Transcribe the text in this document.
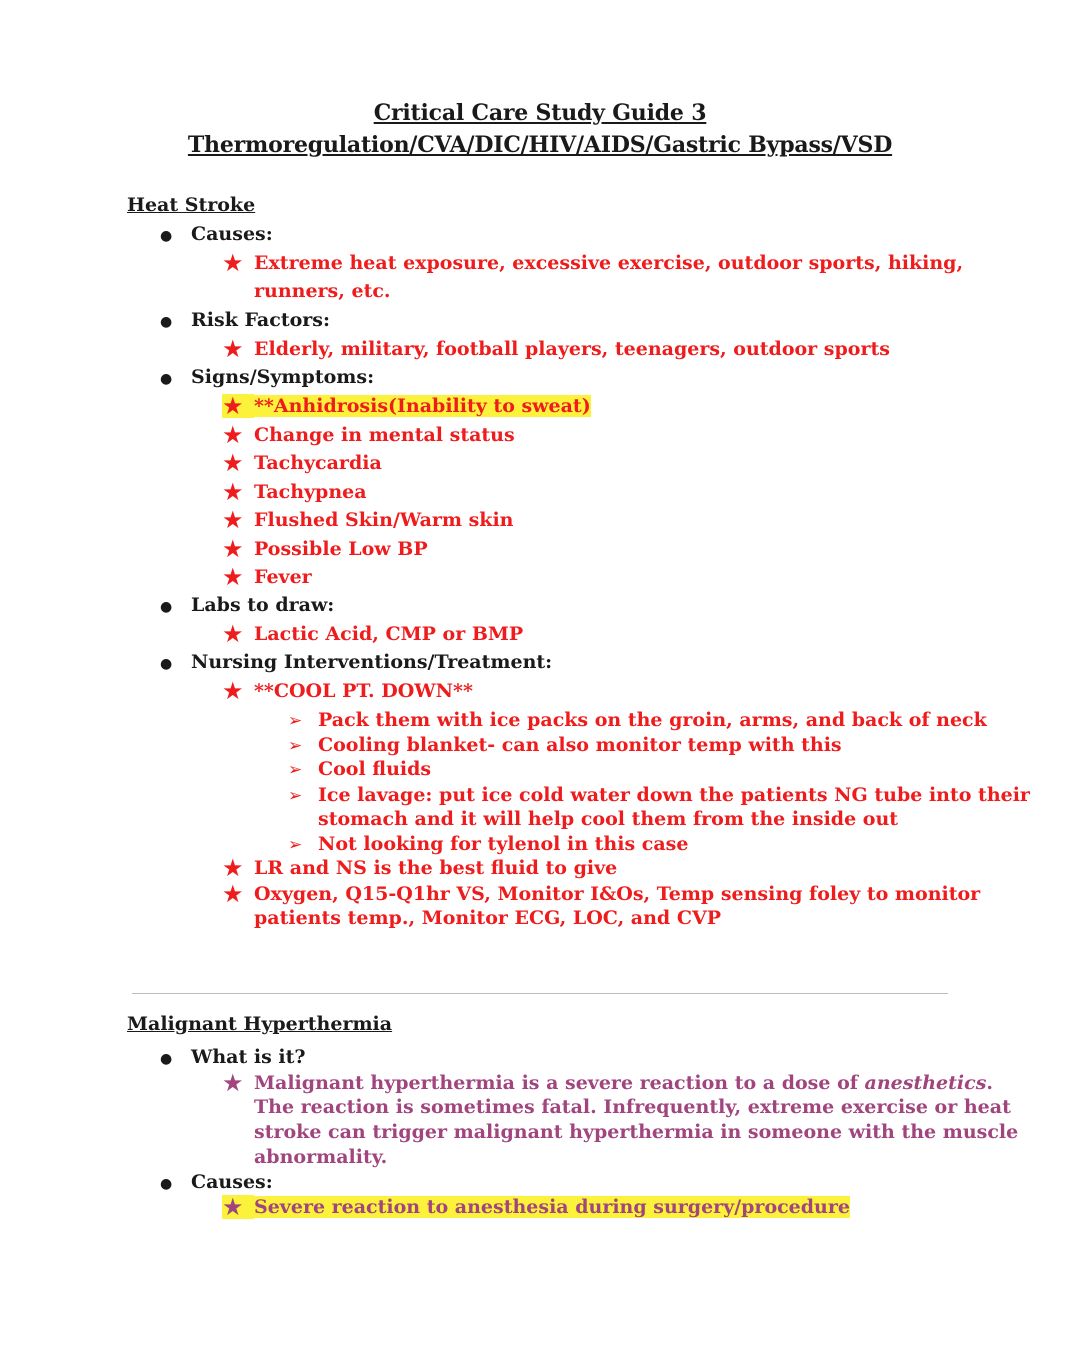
Critical Care Study Guide 3
Thermoregulation/CVA/DIC/HIV/AIDS/Gastric Bypass/VSD
Heat Stroke
● Causes:
★ Extreme heat exposure, excessive exercise, outdoor sports, hiking,
runners, etc.
● Risk Factors:
★ Elderly, military, football players, teenagers, outdoor sports
● Signs/Symptoms:
★ **Anhidrosis(Inability to sweat)
★ Change in mental status
★ Tachycardia
★ Tachypnea
★ Flushed Skin/Warm skin
★ Possible Low BP
★ Fever
● Labs to draw:
★ Lactic Acid, CMP or BMP
● Nursing Interventions/Treatment:
★ **COOL PT. DOWN**
➢ Pack them with ice packs on the groin, arms, and back of neck
➢ Cooling blanket- can also monitor temp with this
➢ Cool fluids
➢ Ice lavage: put ice cold water down the patients NG tube into their
stomach and it will help cool them from the inside out
➢ Not looking for tylenol in this case
★ LR and NS is the best fluid to give
★ Oxygen, Q15-Q1hr VS, Monitor I&Os, Temp sensing foley to monitor
patients temp., Monitor ECG, LOC, and CVP
Malignant Hyperthermia
● What is it?
★ Malignant hyperthermia is a severe reaction to a dose of anesthetics.
The reaction is sometimes fatal. Infrequently, extreme exercise or heat
stroke can trigger malignant hyperthermia in someone with the muscle
abnormality.
● Causes:
★ Severe reaction to anesthesia during surgery/procedure
